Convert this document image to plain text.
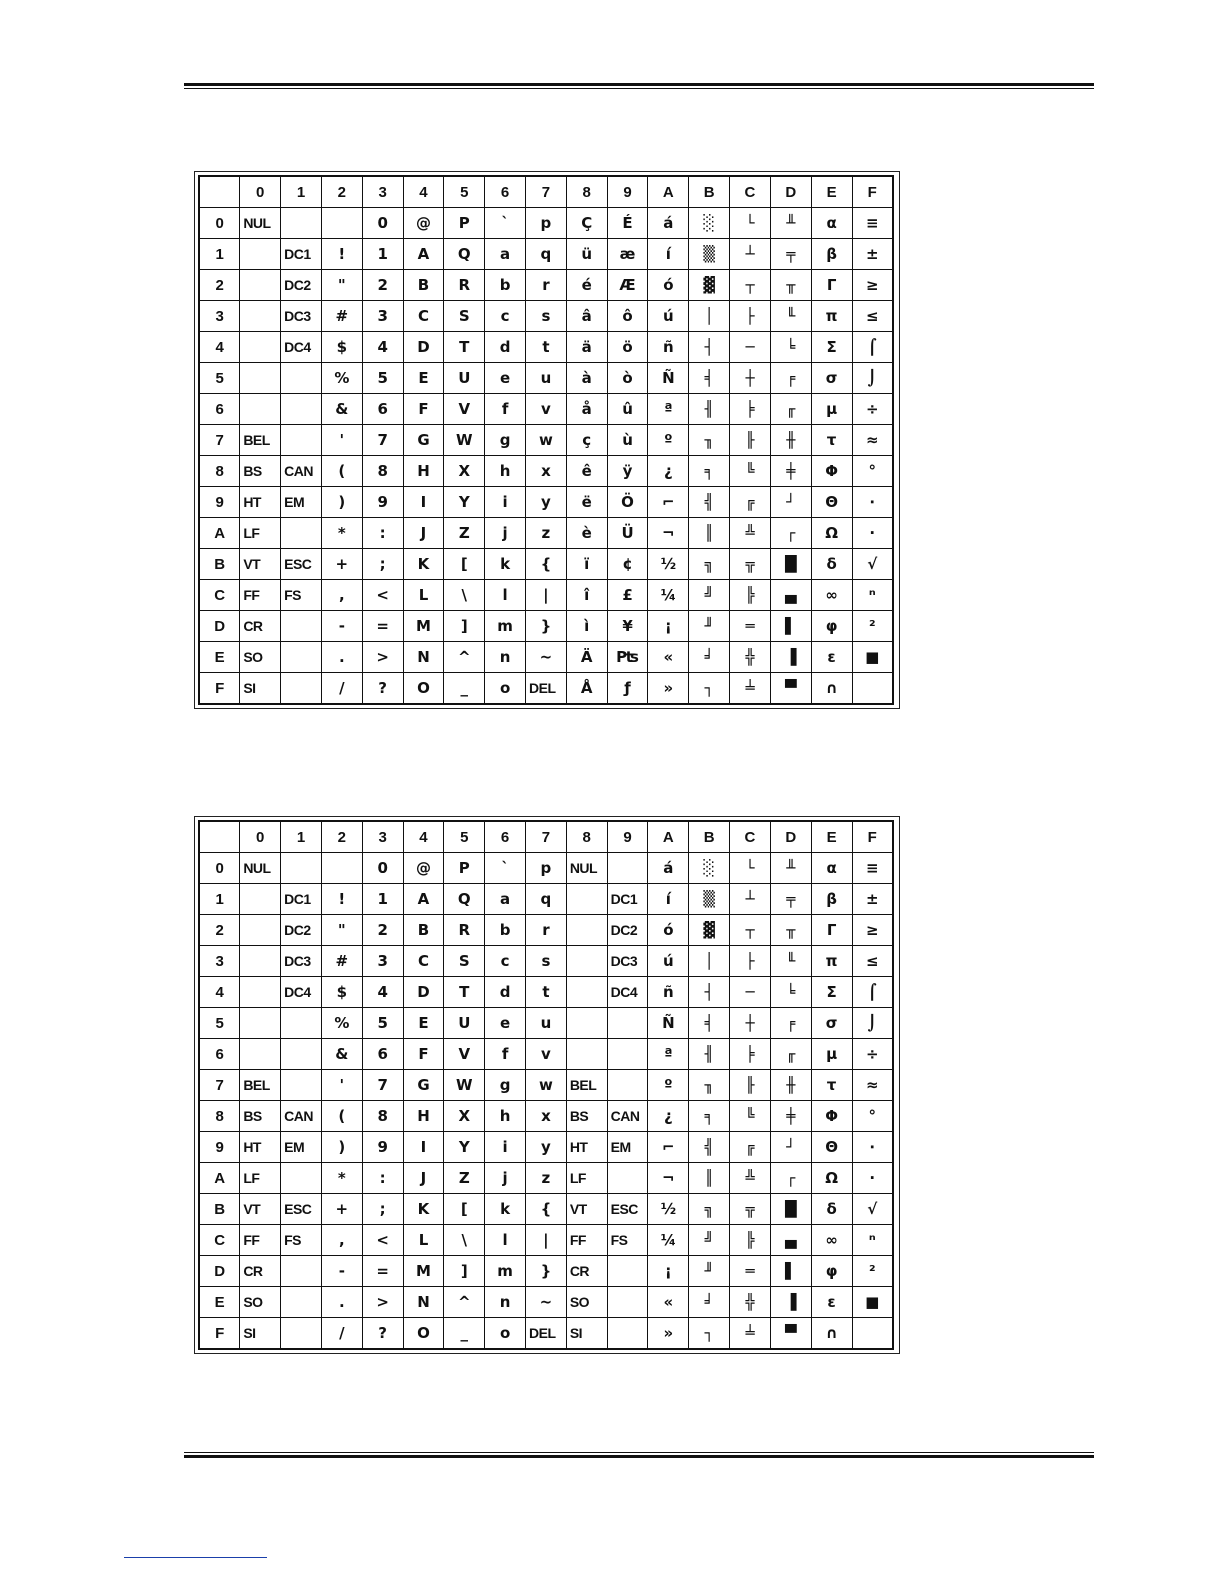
	0	1	2	3	4	5	6	7	8	9	A	B	C	D	E	F
0	NUL			0	@	P	`	p	Ç	É	á	░	└	╨	α	≡
1		DC1	!	1	A	Q	a	q	ü	æ	í	▒	┴	╤	β	±
2		DC2	"	2	B	R	b	r	é	Æ	ó	▓	┬	╥	Γ	≥
3		DC3	#	3	C	S	c	s	â	ô	ú	│	├	╙	π	≤
4		DC4	$	4	D	T	d	t	ä	ö	ñ	┤	─	╘	Σ	⌠
5			%	5	E	U	e	u	à	ò	Ñ	╡	┼	╒	σ	⌡
6			&	6	F	V	f	v	å	û	ª	╢	╞	╓	µ	÷
7	BEL		'	7	G	W	g	w	ç	ù	º	╖	╟	╫	τ	≈
8	BS	CAN	(	8	H	X	h	x	ê	ÿ	¿	╕	╚	╪	Φ	°
9	HT	EM	)	9	I	Y	i	y	ë	Ö	⌐	╣	╔	┘	Θ	∙
A	LF		*	:	J	Z	j	z	è	Ü	¬	║	╩	┌	Ω	·
B	VT	ESC	+	;	K	[	k	{	ï	¢	½	╗	╦	█	δ	√
C	FF	FS	,	<	L	\	l	|	î	£	¼	╝	╠	▄	∞	ⁿ
D	CR		-	=	M	]	m	}	ì	¥	¡	╜	═	▌	φ	²
E	SO		.	>	N	^	n	~	Ä	₧	«	╛	╬	▐	ε	■
F	SI		/	?	O	_	o	DEL	Å	ƒ	»	┐	╧	▀	∩	
	0	1	2	3	4	5	6	7	8	9	A	B	C	D	E	F
0	NUL			0	@	P	`	p	NUL		á	░	└	╨	α	≡
1		DC1	!	1	A	Q	a	q		DC1	í	▒	┴	╤	β	±
2		DC2	"	2	B	R	b	r		DC2	ó	▓	┬	╥	Γ	≥
3		DC3	#	3	C	S	c	s		DC3	ú	│	├	╙	π	≤
4		DC4	$	4	D	T	d	t		DC4	ñ	┤	─	╘	Σ	⌠
5			%	5	E	U	e	u			Ñ	╡	┼	╒	σ	⌡
6			&	6	F	V	f	v			ª	╢	╞	╓	µ	÷
7	BEL		'	7	G	W	g	w	BEL		º	╖	╟	╫	τ	≈
8	BS	CAN	(	8	H	X	h	x	BS	CAN	¿	╕	╚	╪	Φ	°
9	HT	EM	)	9	I	Y	i	y	HT	EM	⌐	╣	╔	┘	Θ	∙
A	LF		*	:	J	Z	j	z	LF		¬	║	╩	┌	Ω	·
B	VT	ESC	+	;	K	[	k	{	VT	ESC	½	╗	╦	█	δ	√
C	FF	FS	,	<	L	\	l	|	FF	FS	¼	╝	╠	▄	∞	ⁿ
D	CR		-	=	M	]	m	}	CR		¡	╜	═	▌	φ	²
E	SO		.	>	N	^	n	~	SO		«	╛	╬	▐	ε	■
F	SI		/	?	O	_	o	DEL	SI		»	┐	╧	▀	∩	
